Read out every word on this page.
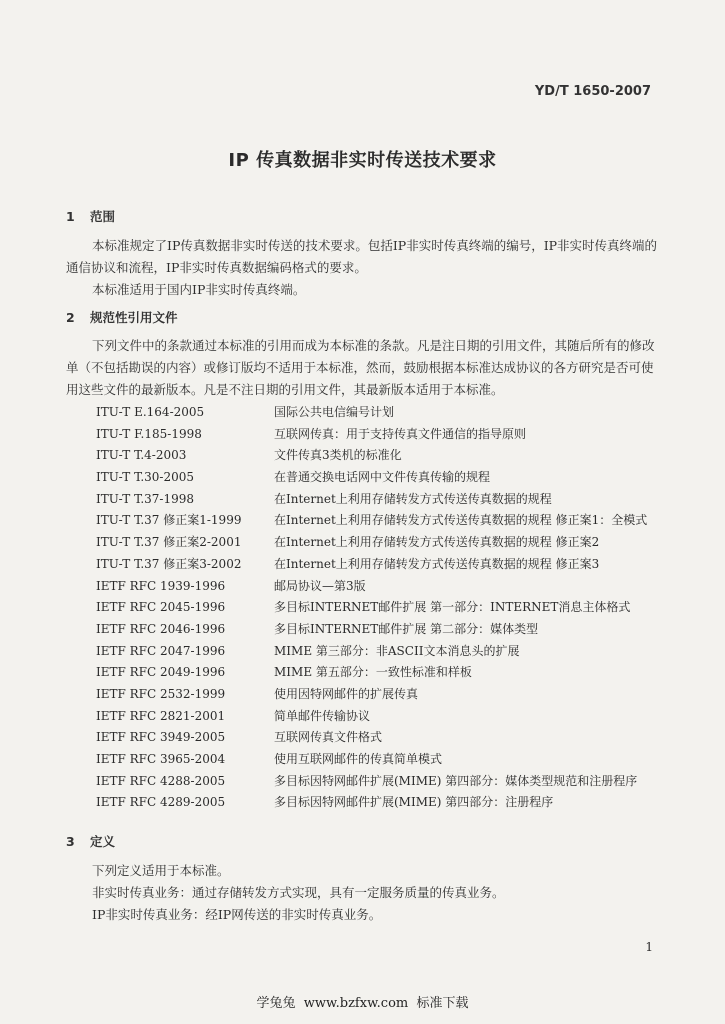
YD/T 1650-2007
IP 传真数据非实时传送技术要求
1 范围
本标准规定了IP传真数据非实时传送的技术要求。包括IP非实时传真终端的编号，IP非实时传真终端的通信协议和流程，IP非实时传真数据编码格式的要求。
本标准适用于国内IP非实时传真终端。
2 规范性引用文件
下列文件中的条款通过本标准的引用而成为本标准的条款。凡是注日期的引用文件，其随后所有的修改单（不包括勘误的内容）或修订版均不适用于本标准，然而，鼓励根据本标准达成协议的各方研究是否可使用这些文件的最新版本。凡是不注日期的引用文件，其最新版本适用于本标准。
ITU-T E.164-2005	国际公共电信编号计划
ITU-T F.185-1998	互联网传真：用于支持传真文件通信的指导原则
ITU-T T.4-2003	文件传真3类机的标准化
ITU-T T.30-2005	在普通交换电话网中文件传真传输的规程
ITU-T T.37-1998	在Internet上利用存储转发方式传送传真数据的规程
ITU-T T.37 修正案1-1999	在Internet上利用存储转发方式传送传真数据的规程 修正案1：全模式
ITU-T T.37 修正案2-2001	在Internet上利用存储转发方式传送传真数据的规程 修正案2
ITU-T T.37 修正案3-2002	在Internet上利用存储转发方式传送传真数据的规程 修正案3
IETF RFC 1939-1996	邮局协议—第3版
IETF RFC 2045-1996	多目标INTERNET邮件扩展 第一部分：INTERNET消息主体格式
IETF RFC 2046-1996	多目标INTERNET邮件扩展 第二部分：媒体类型
IETF RFC 2047-1996	MIME 第三部分：非ASCII文本消息头的扩展
IETF RFC 2049-1996	MIME 第五部分：一致性标准和样板
IETF RFC 2532-1999	使用因特网邮件的扩展传真
IETF RFC 2821-2001	简单邮件传输协议
IETF RFC 3949-2005	互联网传真文件格式
IETF RFC 3965-2004	使用互联网邮件的传真简单模式
IETF RFC 4288-2005	多目标因特网邮件扩展(MIME) 第四部分：媒体类型规范和注册程序
IETF RFC 4289-2005	多目标因特网邮件扩展(MIME) 第四部分：注册程序
3 定义
下列定义适用于本标准。
非实时传真业务：通过存储转发方式实现，具有一定服务质量的传真业务。
IP非实时传真业务：经IP网传送的非实时传真业务。
1
学兔兔  www.bzfxw.com  标准下载
